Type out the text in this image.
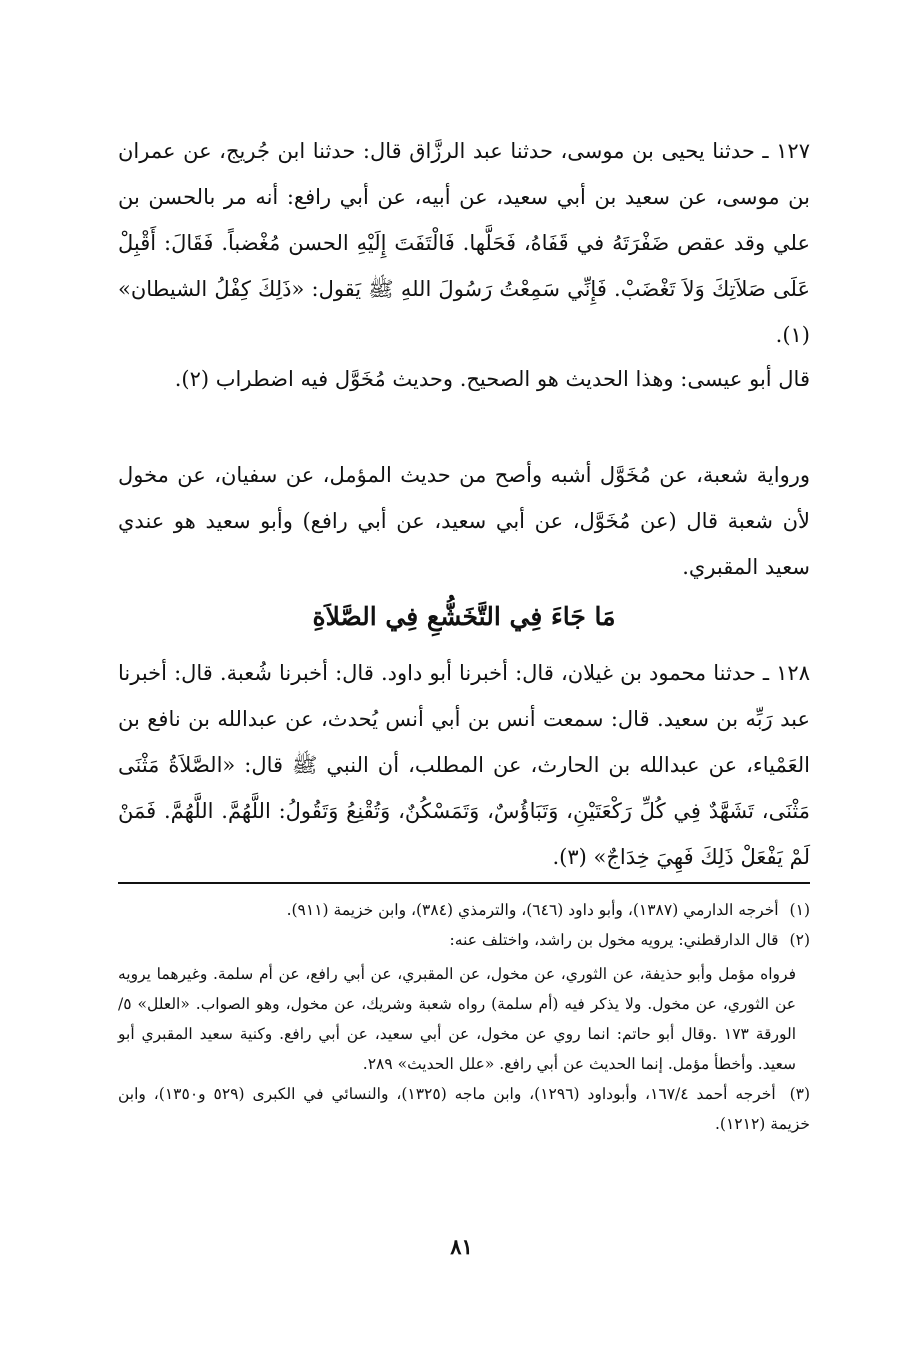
١٢٧ ـ حدثنا يحيى بن موسى، حدثنا عبد الرزَّاق قال: حدثنا ابن جُريج، عن عمران بن موسى، عن سعيد بن أبي سعيد، عن أبيه، عن أبي رافع: أنه مر بالحسن بن علي وقد عقص ضَفْرَتَهُ في قَفَاهُ، فَحَلَّها. فَالْتَفَتَ إِلَيْهِ الحسن مُغْضباً. فَقَالَ: أَقْبِلْ عَلَى صَلاَتِكَ وَلاَ تَغْضَبْ. فَإِنِّي سَمِعْتُ رَسُولَ اللهِ ﷺ يَقول: «ذَلِكَ كِفْلُ الشيطان» (١).

قال أبو عيسى: وهذا الحديث هو الصحيح. وحديث مُخَوَّل فيه اضطراب (٢).

ورواية شعبة، عن مُخَوَّل أشبه وأصح من حديث المؤمل، عن سفيان، عن مخول لأن شعبة قال (عن مُخَوَّل، عن أبي سعيد، عن أبي رافع) وأبو سعيد هو عندي سعيد المقبري.

مَا جَاءَ فِي التَّخَشُّعِ فِي الصَّلاَةِ

١٢٨ ـ حدثنا محمود بن غيلان، قال: أخبرنا أبو داود. قال: أخبرنا شُعبة. قال: أخبرنا عبد رَبِّه بن سعيد. قال: سمعت أنس بن أبي أنس يُحدث، عن عبدالله بن نافع بن العَمْياء، عن عبدالله بن الحارث، عن المطلب، أن النبي ﷺ قال: «الصَّلاَةُ مَثْنَى مَثْنَى، تَشَهَّدٌ فِي كُلِّ رَكْعَتَيْنِ، وَتَبَاؤُسٌ، وَتَمَسْكُنٌ، وَتُقْنِعُ وَتَقُولُ: اللَّهُمَّ. اللَّهُمَّ. فَمَنْ لَمْ يَفْعَلْ ذَلِكَ فَهِيَ خِدَاجٌ» (٣).

(١) أخرجه الدارمي (١٣٨٧)، وأبو داود (٦٤٦)، والترمذي (٣٨٤)، وابن خزيمة (٩١١).

(٢) قال الدارقطني: يرويه مخول بن راشد، واختلف عنه:

فرواه مؤمل وأبو حذيفة، عن الثوري، عن مخول، عن المقبري، عن أبي رافع، عن أم سلمة. وغيرهما يرويه عن الثوري، عن مخول. ولا يذكر فيه (أم سلمة) رواه شعبة وشريك، عن مخول، وهو الصواب. «العلل» ٥/ الورقة ١٧٣ .وقال أبو حاتم: انما روي عن مخول، عن أبي سعيد، عن أبي رافع. وكنية سعيد المقبري أبو سعيد. وأخطأ مؤمل. إنما الحديث عن أبي رافع. «علل الحديث» ٢٨٩.

(٣) أخرجه أحمد ١٦٧/٤، وأبوداود (١٢٩٦)، وابن ماجه (١٣٢٥)، والنسائي في الكبرى (٥٢٩ و١٣٥٠)، وابن خزيمة (١٢١٢).

٨١
